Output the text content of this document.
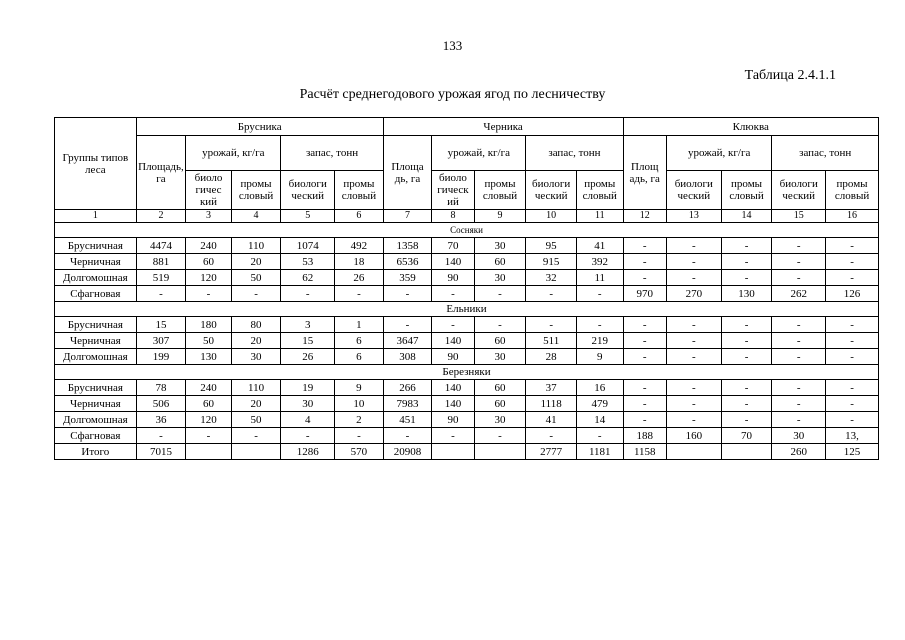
133
Таблица 2.4.1.1
Расчёт среднегодового урожая ягод по лесничеству
Группы типов леса	Брусника					Черника					Клюква				
	Площадь, га	урожай, кг/га		запас, тонн		Площа дь, га	урожай, кг/га		запас, тонн		Площ адь, га	урожай, кг/га		запас, тонн	
		биоло гичес кий	промы словый	биологи ческий	промы словый		биоло гическ ий	промы словый	биологи ческий	промы словый		биологи ческий	промы словый	биологи ческий	промы словый
1	2	3	4	5	6	7	8	9	10	11	12	13	14	15	16
Сосняки															
Брусничная	4474	240	110	1074	492	1358	70	30	95	41	-	-	-	-	-
Черничная	881	60	20	53	18	6536	140	60	915	392	-	-	-	-	-
Долгомошная	519	120	50	62	26	359	90	30	32	11	-	-	-	-	-
Сфагновая	-	-	-	-	-	-	-	-	-	-	970	270	130	262	126
Ельники															
Брусничная	15	180	80	3	1	-	-	-	-	-	-	-	-	-	-
Черничная	307	50	20	15	6	3647	140	60	511	219	-	-	-	-	-
Долгомошная	199	130	30	26	6	308	90	30	28	9	-	-	-	-	-
Березняки															
Брусничная	78	240	110	19	9	266	140	60	37	16	-	-	-	-	-
Черничная	506	60	20	30	10	7983	140	60	1118	479	-	-	-	-	-
Долгомошная	36	120	50	4	2	451	90	30	41	14	-	-	-	-	-
Сфагновая	-	-	-	-	-	-	-	-	-	-	188	160	70	30	13,
Итого	7015			1286	570	20908			2777	1181	1158			260	125
